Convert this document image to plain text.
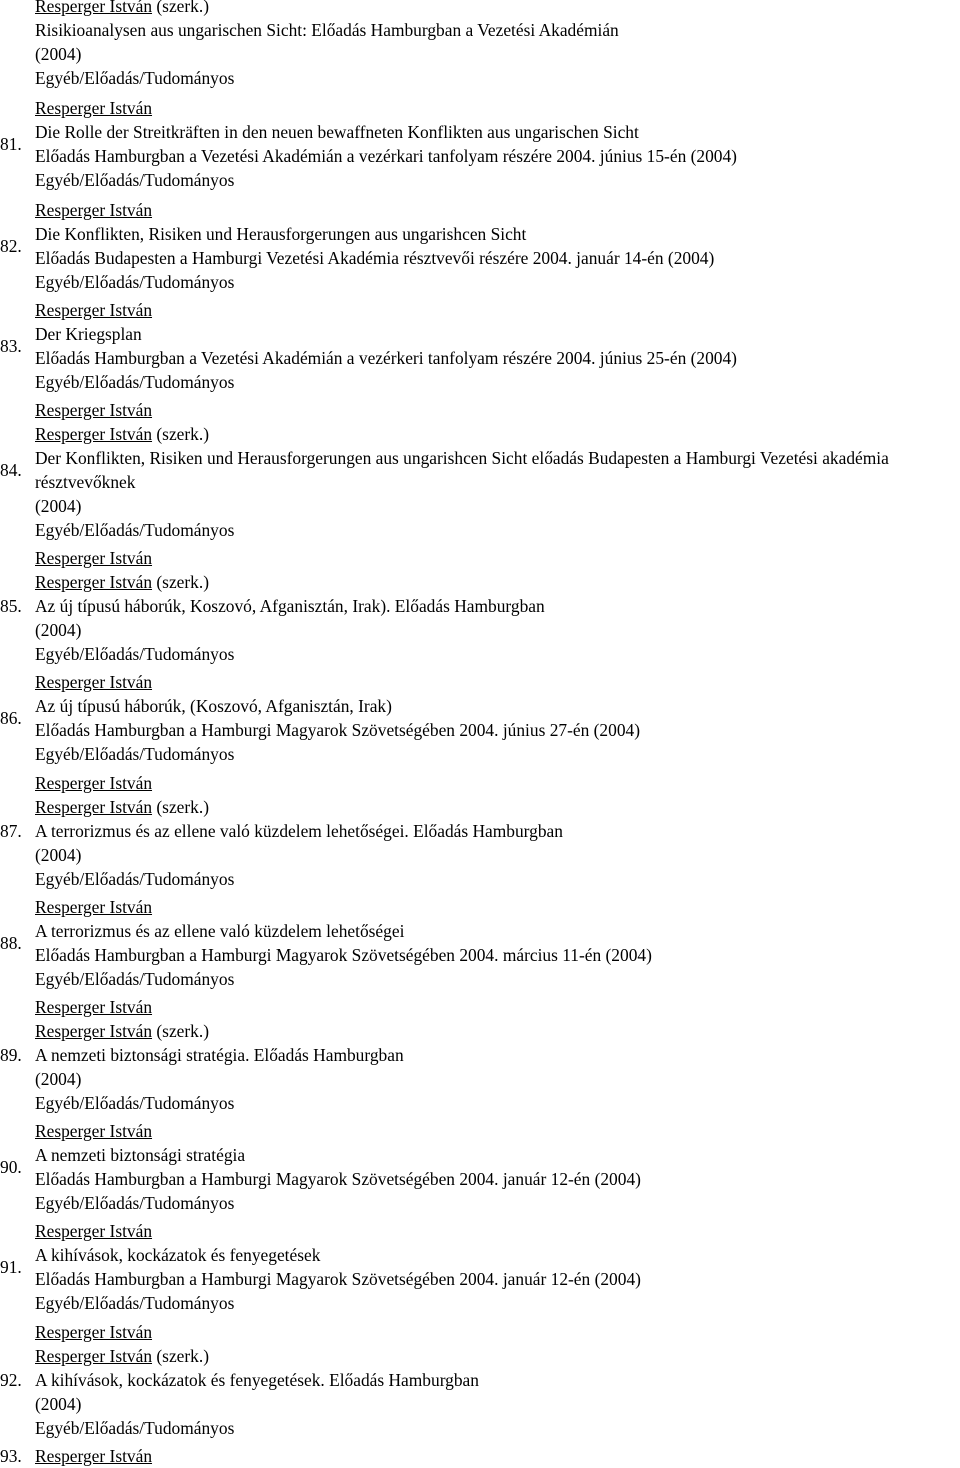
Resperger István (szerk.)
Risikioanalysen aus ungarischen Sicht: Előadás Hamburgban a Vezetési Akadémián
(2004)
Egyéb/Előadás/Tudományos
Resperger István
Die Rolle der Streitkräften in den neuen bewaffneten Konflikten aus ungarischen Sicht
81.
Előadás Hamburgban a Vezetési Akadémián a vezérkari tanfolyam részére 2004. június 15-én (2004)
Egyéb/Előadás/Tudományos
Resperger István
Die Konflikten, Risiken und Herausforgerungen aus ungarishcen Sicht
82.
Előadás Budapesten a Hamburgi Vezetési Akadémia résztvevői részére 2004. január 14-én (2004)
Egyéb/Előadás/Tudományos
Resperger István
Der Kriegsplan
83.
Előadás Hamburgban a Vezetési Akadémián a vezérkeri tanfolyam részére 2004. június 25-én (2004)
Egyéb/Előadás/Tudományos
Resperger István
Resperger István (szerk.)
84.
Der Konflikten, Risiken und Herausforgerungen aus ungarishcen Sicht előadás Budapesten a Hamburgi Vezetési akadémia résztvevőknek
(2004)
Egyéb/Előadás/Tudományos
Resperger István
Resperger István (szerk.)
85. Az új típusú háborúk, Koszovó, Afganisztán, Irak). Előadás Hamburgban
(2004)
Egyéb/Előadás/Tudományos
Resperger István
Az új típusú háborúk, (Koszovó, Afganisztán, Irak)
86.
Előadás Hamburgban a Hamburgi Magyarok Szövetségében 2004. június 27-én (2004)
Egyéb/Előadás/Tudományos
Resperger István
Resperger István (szerk.)
87. A terrorizmus és az ellene való küzdelem lehetőségei. Előadás Hamburgban
(2004)
Egyéb/Előadás/Tudományos
Resperger István
A terrorizmus és az ellene való küzdelem lehetőségei
88.
Előadás Hamburgban a Hamburgi Magyarok Szövetségében 2004. március 11-én (2004)
Egyéb/Előadás/Tudományos
Resperger István
Resperger István (szerk.)
89. A nemzeti biztonsági stratégia. Előadás Hamburgban
(2004)
Egyéb/Előadás/Tudományos
Resperger István
A nemzeti biztonsági stratégia
90.
Előadás Hamburgban a Hamburgi Magyarok Szövetségében 2004. január 12-én (2004)
Egyéb/Előadás/Tudományos
Resperger István
A kihívások, kockázatok és fenyegetések
91.
Előadás Hamburgban a Hamburgi Magyarok Szövetségében 2004. január 12-én (2004)
Egyéb/Előadás/Tudományos
Resperger István
Resperger István (szerk.)
92. A kihívások, kockázatok és fenyegetések. Előadás Hamburgban
(2004)
Egyéb/Előadás/Tudományos
93. Resperger István
